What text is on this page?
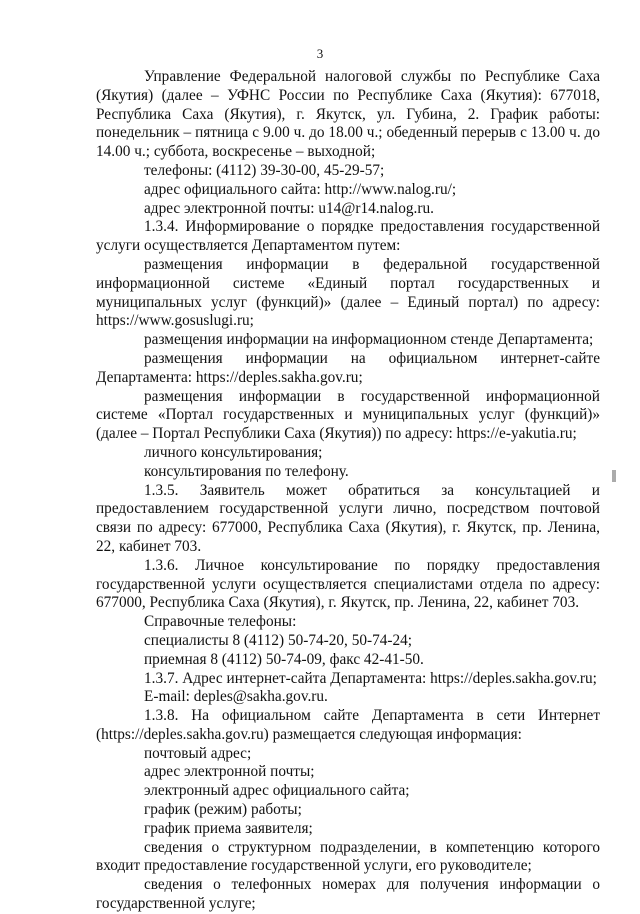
3

Управление Федеральной налоговой службы по Республике Саха (Якутия) (далее – УФНС России по Республике Саха (Якутия): 677018, Республика Саха (Якутия), г. Якутск, ул. Губина, 2. График работы: понедельник – пятница с 9.00 ч. до 18.00 ч.; обеденный перерыв с 13.00 ч. до 14.00 ч.; суббота, воскресенье – выходной;

телефоны: (4112) 39-30-00, 45-29-57;

адрес официального сайта: http://www.nalog.ru/;

адрес электронной почты: u14@r14.nalog.ru.

1.3.4. Информирование о порядке предоставления государственной услуги осуществляется Департаментом путем:

размещения информации в федеральной государственной информационной системе «Единый портал государственных и муниципальных услуг (функций)» (далее – Единый портал) по адресу: https://www.gosuslugi.ru;

размещения информации на информационном стенде Департамента;

размещения информации на официальном интернет-сайте Департамента: https://deples.sakha.gov.ru;

размещения информации в государственной информационной системе «Портал государственных и муниципальных услуг (функций)» (далее – Портал Республики Саха (Якутия)) по адресу: https://e-yakutia.ru;

личного консультирования;

консультирования по телефону.

1.3.5. Заявитель может обратиться за консультацией и предоставлением государственной услуги лично, посредством почтовой связи по адресу: 677000, Республика Саха (Якутия), г. Якутск, пр. Ленина, 22, кабинет 703.

1.3.6. Личное консультирование по порядку предоставления государственной услуги осуществляется специалистами отдела по адресу: 677000, Республика Саха (Якутия), г. Якутск, пр. Ленина, 22, кабинет 703.

Справочные телефоны:

специалисты 8 (4112) 50-74-20, 50-74-24;

приемная 8 (4112) 50-74-09, факс 42-41-50.

1.3.7. Адрес интернет-сайта Департамента: https://deples.sakha.gov.ru;

E-mail: deples@sakha.gov.ru.

1.3.8. На официальном сайте Департамента в сети Интернет (https://deples.sakha.gov.ru) размещается следующая информация:

почтовый адрес;

адрес электронной почты;

электронный адрес официального сайта;

график (режим) работы;

график приема заявителя;

сведения о структурном подразделении, в компетенцию которого входит предоставление государственной услуги, его руководителе;

сведения о телефонных номерах для получения информации о государственной услуге;
